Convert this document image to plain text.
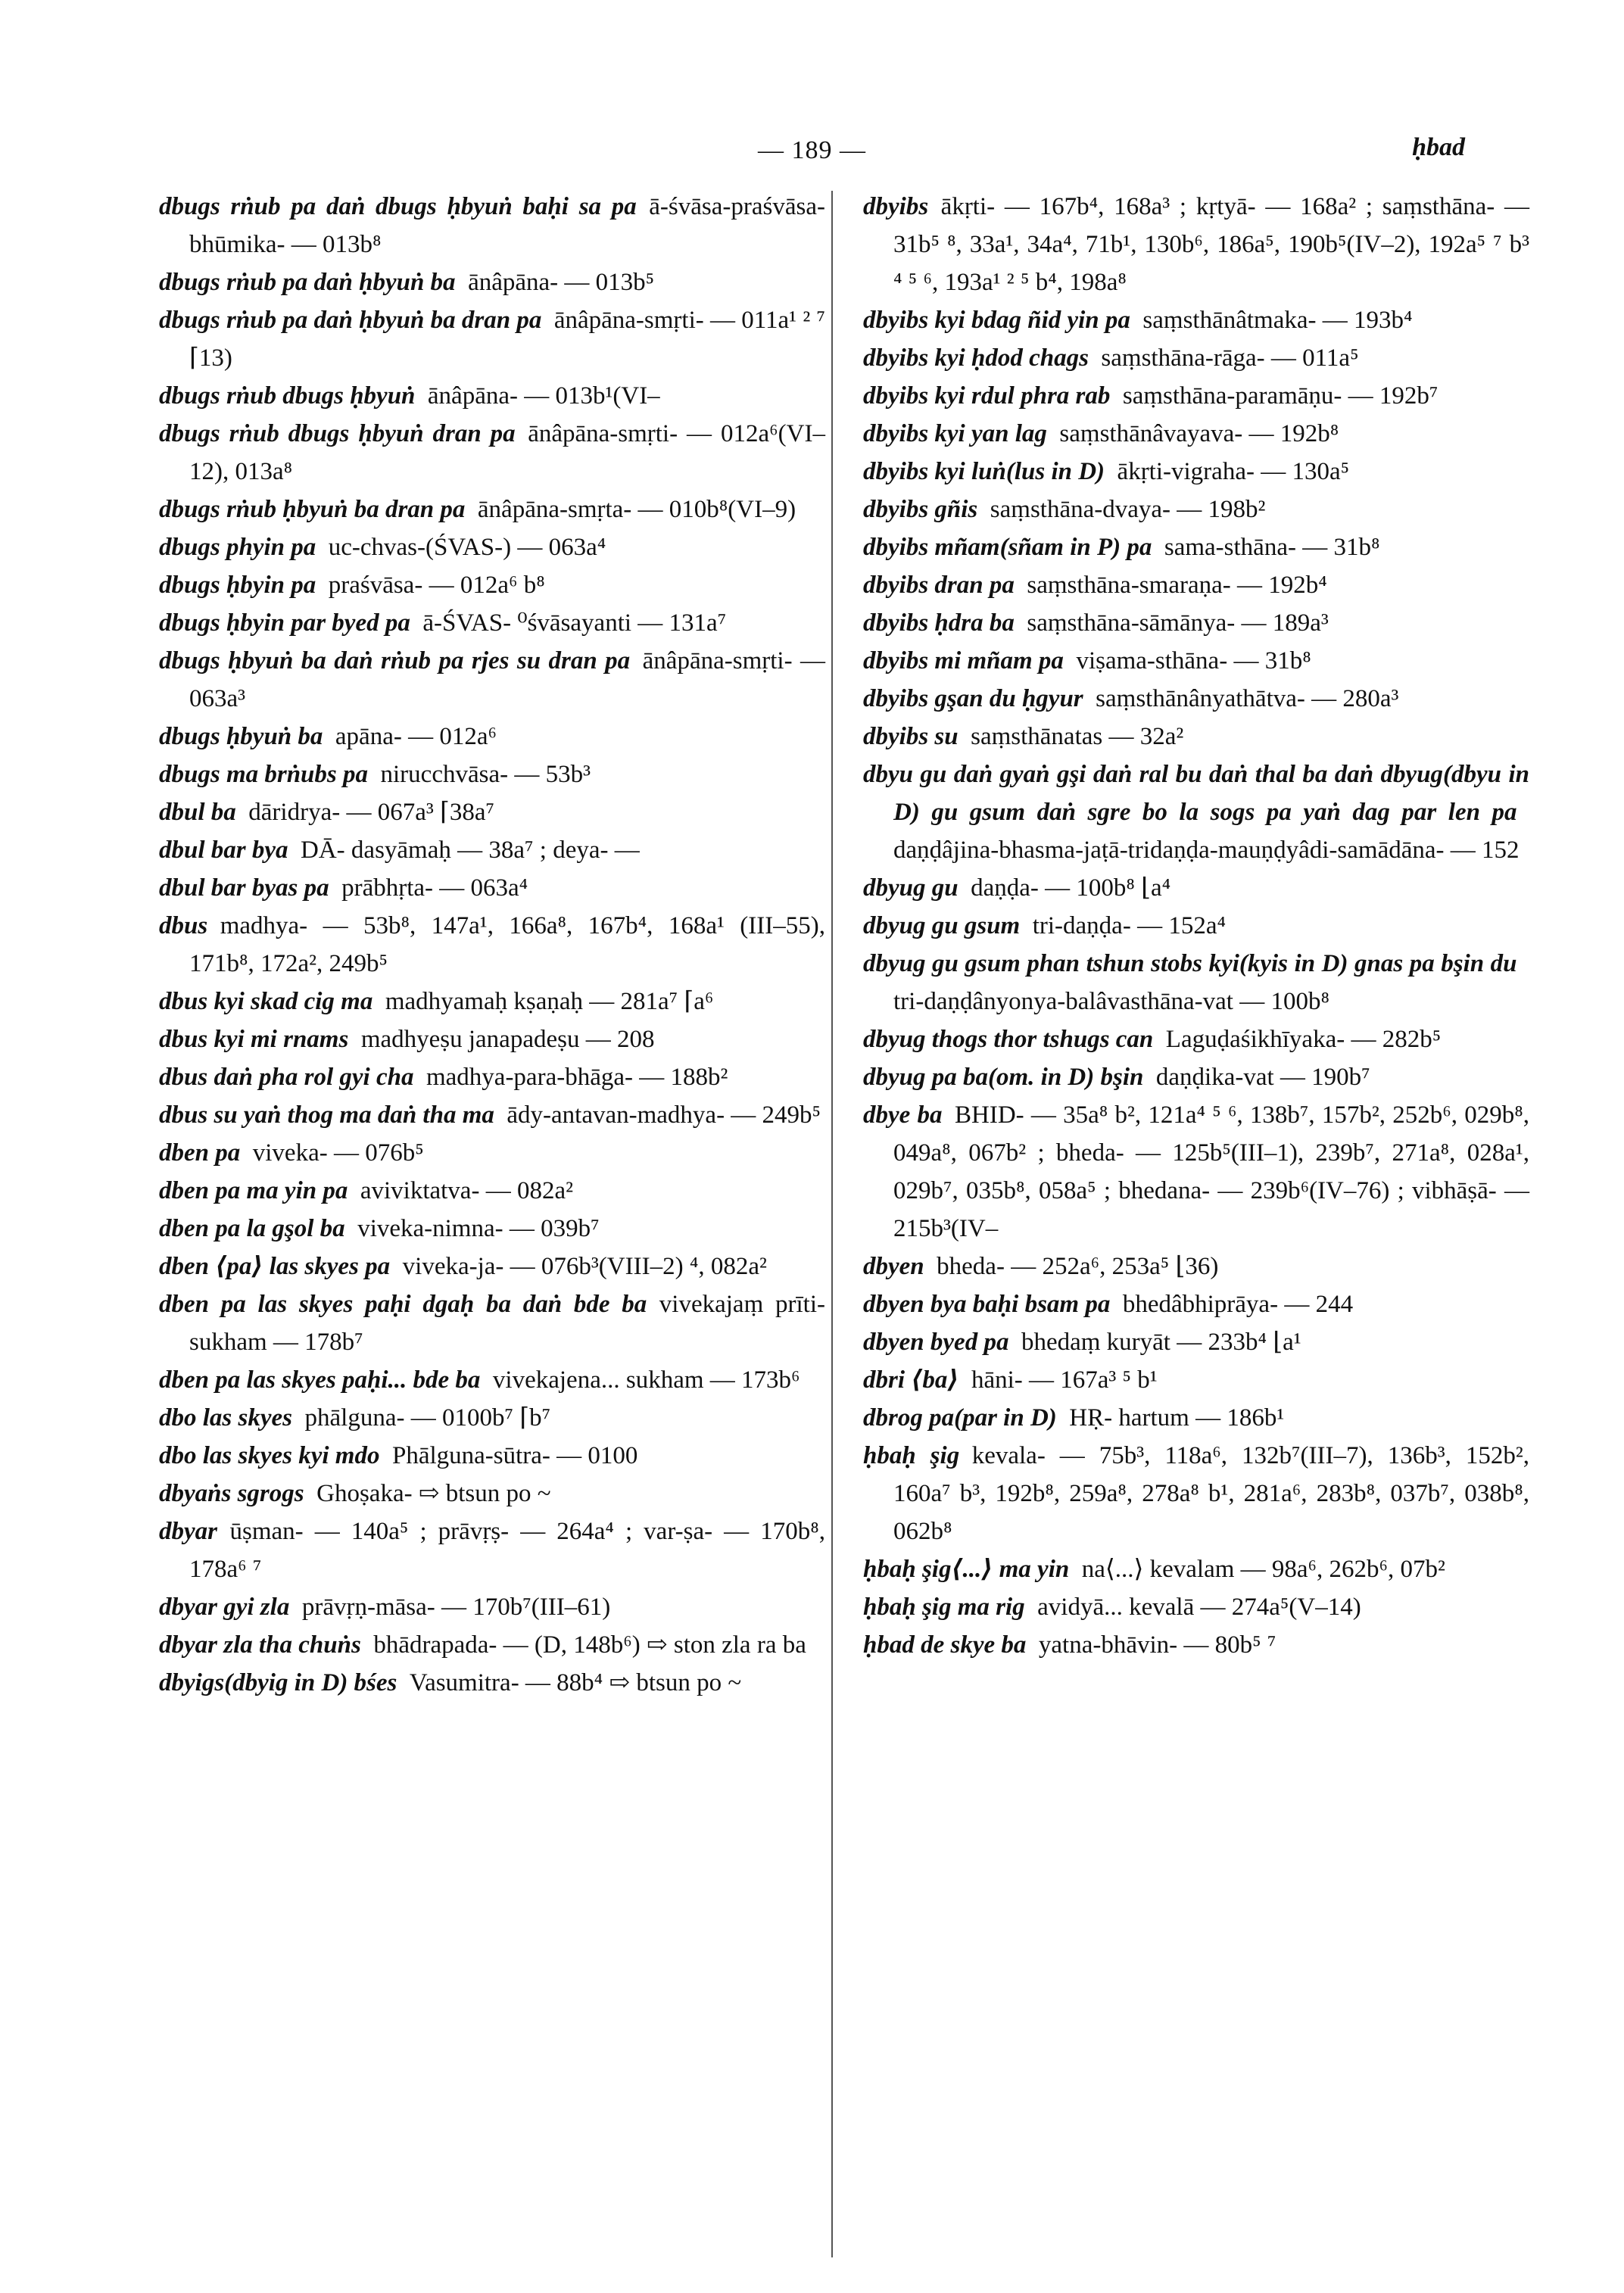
— 189 —	ḥbad

dbugs rṅub pa daṅ dbugs ḥbyuṅ baḥi sa pa  ā-śvāsa-praśvāsa-bhūmika- — 013b⁸

dbugs rṅub pa daṅ ḥbyuṅ ba  ānâpāna- — 013b⁵

dbugs rṅub pa daṅ ḥbyuṅ ba dran pa  ānâpāna-smṛti- — 011a¹ ² ⁷ ⌈13)

dbugs rṅub dbugs ḥbyuṅ  ānâpāna- — 013b¹(VI–

dbugs rṅub dbugs ḥbyuṅ dran pa  ānâpāna-smṛti- — 012a⁶(VI–12), 013a⁸

dbugs rṅub ḥbyuṅ ba dran pa  ānâpāna-smṛta- — 010b⁸(VI–9)

dbugs phyin pa  uc-chvas-(ŚVAS-) — 063a⁴

dbugs ḥbyin pa  praśvāsa- — 012a⁶ b⁸

dbugs ḥbyin par byed pa  ā-ŚVAS- ⁰śvāsayanti — 131a⁷

dbugs ḥbyuṅ ba daṅ rṅub pa rjes su dran pa  ānâpāna-smṛti- — 063a³

dbugs ḥbyuṅ ba  apāna- — 012a⁶

dbugs ma brṅubs pa  nirucchvāsa- — 53b³

dbul ba  dāridrya- — 067a³ ⌈38a⁷

dbul bar bya  DĀ- dasyāmaḥ — 38a⁷ ; deya- —

dbul bar byas pa  prābhṛta- — 063a⁴

dbus  madhya- — 53b⁸, 147a¹, 166a⁸, 167b⁴, 168a¹ (III–55), 171b⁸, 172a², 249b⁵

dbus kyi skad cig ma  madhyamaḥ kṣaṇaḥ — 281a⁷ ⌈a⁶

dbus kyi mi rnams  madhyeṣu janapadeṣu — 208

dbus daṅ pha rol gyi cha  madhya-para-bhāga- — 188b²

dbus su yaṅ thog ma daṅ tha ma  ādy-antavan-madhya- — 249b⁵

dben pa  viveka- — 076b⁵

dben pa ma yin pa  aviviktatva- — 082a²

dben pa la gşol ba  viveka-nimna- — 039b⁷

dben ⟨pa⟩ las skyes pa  viveka-ja- — 076b³(VIII–2) ⁴, 082a²

dben pa las skyes paḥi dgaḥ ba daṅ bde ba  vivekajaṃ prīti-sukham — 178b⁷

dben pa las skyes paḥi... bde ba  vivekajena... sukham — 173b⁶

dbo las skyes  phālguna- — 0100b⁷ ⌈b⁷

dbo las skyes kyi mdo  Phālguna-sūtra- — 0100

dbyaṅs sgrogs  Ghoṣaka- ⇨ btsun po ~

dbyar  ūṣman- — 140a⁵ ; prāvṛṣ- — 264a⁴ ; var-ṣa- — 170b⁸, 178a⁶ ⁷

dbyar gyi zla  prāvṛṇ-māsa- — 170b⁷(III–61)

dbyar zla tha chuṅs  bhādrapada- — (D, 148b⁶) ⇨ ston zla ra ba

dbyigs(dbyig in D) bśes  Vasumitra- — 88b⁴ ⇨ btsun po ~

dbyibs  ākṛti- — 167b⁴, 168a³ ; kṛtyā- — 168a² ; saṃsthāna- — 31b⁵ ⁸, 33a¹, 34a⁴, 71b¹, 130b⁶, 186a⁵, 190b⁵(IV–2), 192a⁵ ⁷ b³ ⁴ ⁵ ⁶, 193a¹ ² ⁵ b⁴, 198a⁸

dbyibs kyi bdag ñid yin pa  saṃsthānâtmaka- — 193b⁴

dbyibs kyi ḥdod chags  saṃsthāna-rāga- — 011a⁵

dbyibs kyi rdul phra rab  saṃsthāna-paramāṇu- — 192b⁷

dbyibs kyi yan lag  saṃsthānâvayava- — 192b⁸

dbyibs kyi luṅ(lus in D)  ākṛti-vigraha- — 130a⁵

dbyibs gñis  saṃsthāna-dvaya- — 198b²

dbyibs mñam(sñam in P) pa  sama-sthāna- — 31b⁸

dbyibs dran pa  saṃsthāna-smaraṇa- — 192b⁴

dbyibs ḥdra ba  saṃsthāna-sāmānya- — 189a³

dbyibs mi mñam pa  viṣama-sthāna- — 31b⁸

dbyibs gşan du ḥgyur  saṃsthānânyathātva- — 280a³

dbyibs su  saṃsthānatas — 32a²

dbyu gu daṅ gyaṅ gşi daṅ ral bu daṅ thal ba daṅ dbyug(dbyu in D) gu gsum daṅ sgre bo la sogs pa yaṅ dag par len pa daṇḍâjina-bhasma-jaṭā-tridaṇḍa-mauṇḍyâdi-samādāna- — 152

dbyug gu  daṇḍa- — 100b⁸ ⌊a⁴

dbyug gu gsum  tri-daṇḍa- — 152a⁴

dbyug gu gsum phan tshun stobs kyi(kyis in D) gnas pa bşin du tri-daṇḍânyonya-balâvasthāna-vat — 100b⁸

dbyug thogs thor tshugs can  Laguḍaśikhīyaka- — 282b⁵

dbyug pa ba(om. in D) bşin  daṇḍika-vat — 190b⁷

dbye ba  BHID- — 35a⁸ b², 121a⁴ ⁵ ⁶, 138b⁷, 157b², 252b⁶, 029b⁸, 049a⁸, 067b² ; bheda- — 125b⁵(III–1), 239b⁷, 271a⁸, 028a¹, 029b⁷, 035b⁸, 058a⁵ ; bhedana- — 239b⁶(IV–76) ; vibhāṣā- — 215b³(IV–

dbyen  bheda- — 252a⁶, 253a⁵ ⌊36)

dbyen bya baḥi bsam pa  bhedâbhiprāya- — 244

dbyen byed pa  bhedaṃ kuryāt — 233b⁴ ⌊a¹

dbri ⟨ba⟩  hāni- — 167a³ ⁵ b¹

dbrog pa(par in D)  HṚ- hartum — 186b¹

ḥbaḥ şig  kevala- — 75b³, 118a⁶, 132b⁷(III–7), 136b³, 152b², 160a⁷ b³, 192b⁸, 259a⁸, 278a⁸ b¹, 281a⁶, 283b⁸, 037b⁷, 038b⁸, 062b⁸

ḥbaḥ şig⟨...⟩ ma yin  na⟨...⟩ kevalam — 98a⁶, 262b⁶, 07b²

ḥbaḥ şig ma rig  avidyā... kevalā — 274a⁵(V–14)

ḥbad de skye ba  yatna-bhāvin- — 80b⁵ ⁷
